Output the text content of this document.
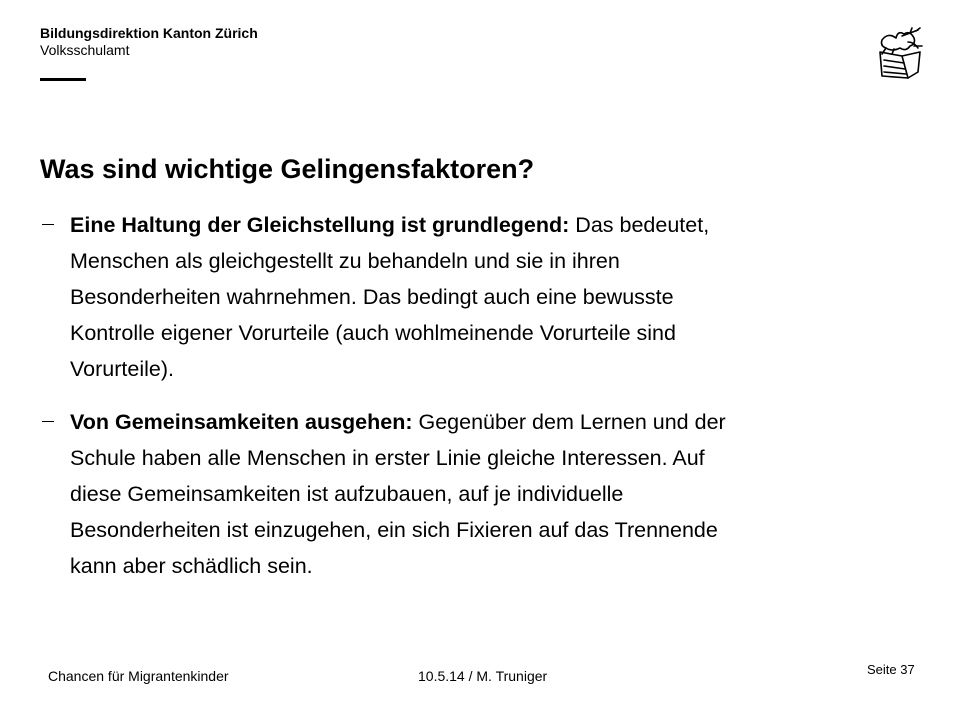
Bildungsdirektion Kanton Zürich
Volksschulamt
Was sind wichtige Gelingensfaktoren?
Eine Haltung der Gleichstellung ist grundlegend: Das bedeutet,
Menschen als gleichgestellt zu behandeln und sie in ihren
Besonderheiten wahrnehmen. Das bedingt auch eine bewusste
Kontrolle eigener Vorurteile (auch wohlmeinende Vorurteile sind
Vorurteile).
Von Gemeinsamkeiten ausgehen: Gegenüber dem Lernen und der
Schule haben alle Menschen in erster Linie gleiche Interessen. Auf
diese Gemeinsamkeiten ist aufzubauen, auf je individuelle
Besonderheiten ist einzugehen, ein sich Fixieren auf das Trennende
kann aber schädlich sein.
Chancen für Migrantenkinder	10.5.14 / M. Truniger	Seite 37
